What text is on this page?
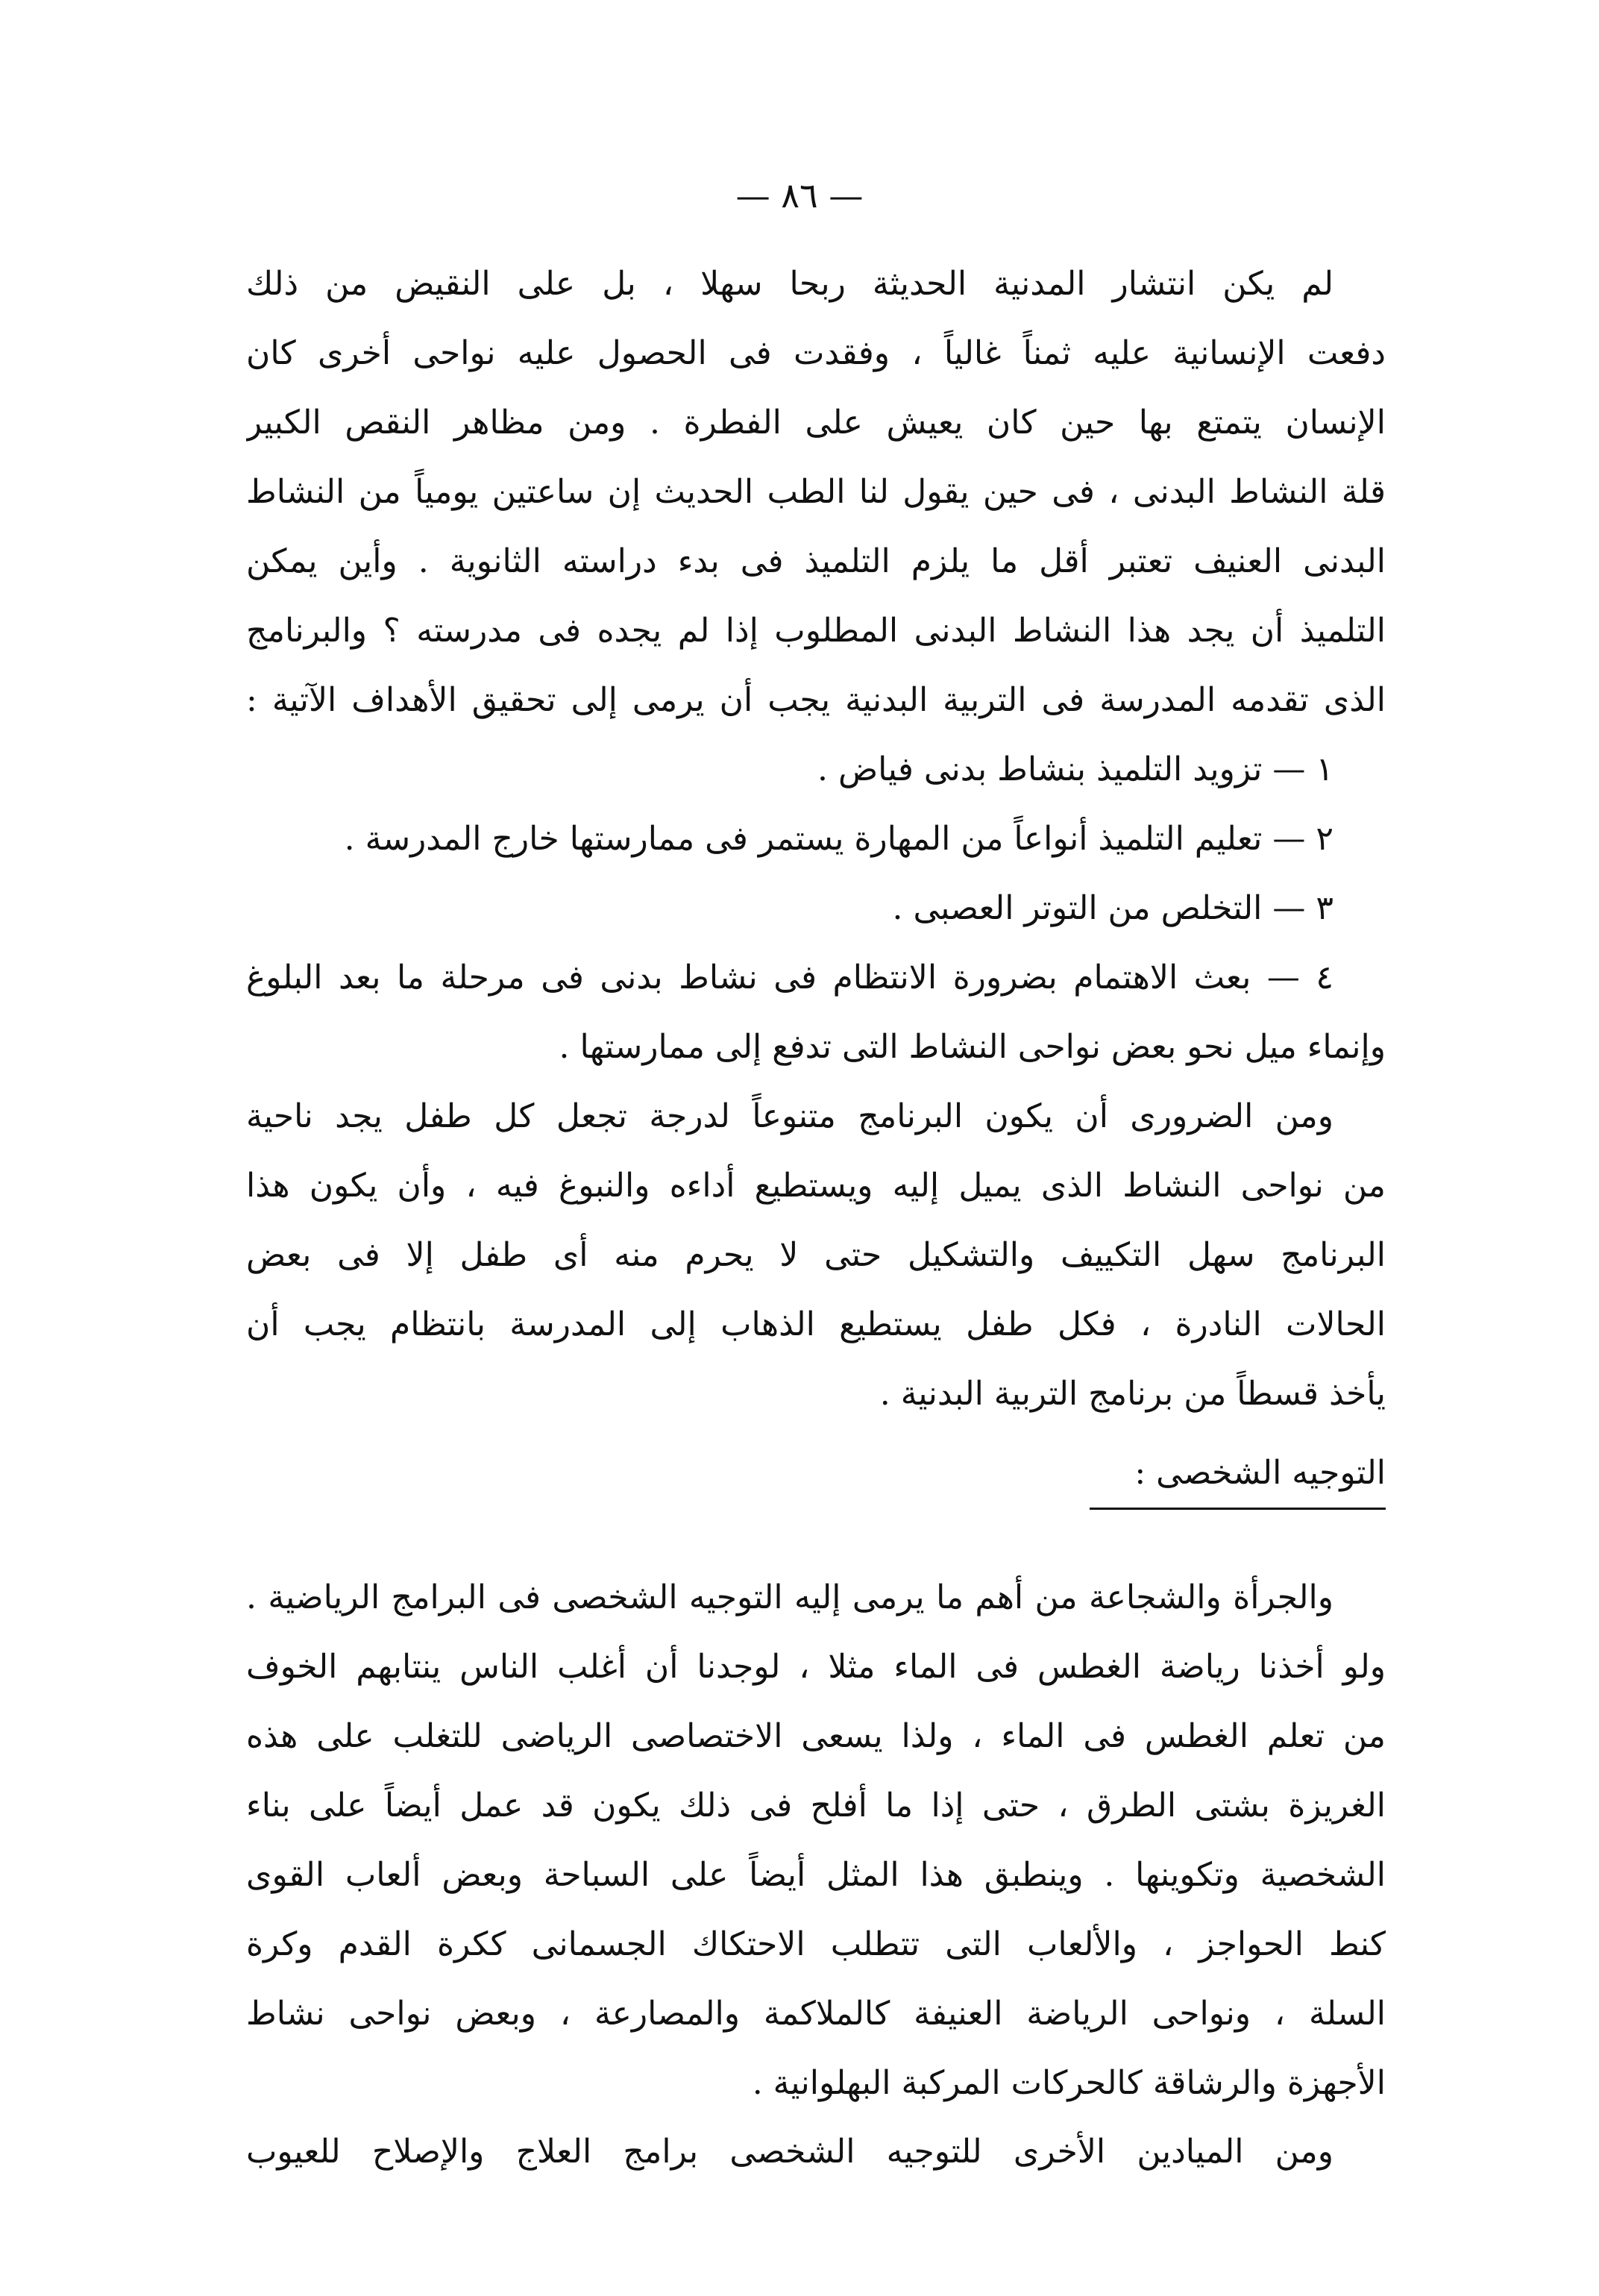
— ٨٦ —
لم يكن انتشار المدنية الحديثة ربحا سهلا ، بل على النقيض من ذلك
دفعت الإنسانية عليه ثمناً غالياً ، وفقدت فى الحصول عليه نواحى أخرى كان
الإنسان يتمتع بها حين كان يعيش على الفطرة . ومن مظاهر النقص الكبير
قلة النشاط البدنى ، فى حين يقول لنا الطب الحديث إن ساعتين يومياً من النشاط
البدنى العنيف تعتبر أقل ما يلزم التلميذ فى بدء دراسته الثانوية . وأين يمكن
التلميذ أن يجد هذا النشاط البدنى المطلوب إذا لم يجده فى مدرسته ؟ والبرنامج
الذى تقدمه المدرسة فى التربية البدنية يجب أن يرمى إلى تحقيق الأهداف الآتية :
١ — تزويد التلميذ بنشاط بدنى فياض .
٢ — تعليم التلميذ أنواعاً من المهارة يستمر فى ممارستها خارج المدرسة .
٣ — التخلص من التوتر العصبى .
٤ — بعث الاهتمام بضرورة الانتظام فى نشاط بدنى فى مرحلة ما بعد البلوغ
وإنماء ميل نحو بعض نواحى النشاط التى تدفع إلى ممارستها .
ومن الضرورى أن يكون البرنامج متنوعاً لدرجة تجعل كل طفل يجد ناحية
من نواحى النشاط الذى يميل إليه ويستطيع أداءه والنبوغ فيه ، وأن يكون هذا
البرنامج سهل التكييف والتشكيل حتى لا يحرم منه أى طفل إلا فى بعض
الحالات النادرة ، فكل طفل يستطيع الذهاب إلى المدرسة بانتظام يجب أن
يأخذ قسطاً من برنامج التربية البدنية .
التوجيه الشخصى :
والجرأة والشجاعة من أهم ما يرمى إليه التوجيه الشخصى فى البرامج الرياضية .
ولو أخذنا رياضة الغطس فى الماء مثلا ، لوجدنا أن أغلب الناس ينتابهم الخوف
من تعلم الغطس فى الماء ، ولذا يسعى الاختصاصى الرياضى للتغلب على هذه
الغريزة بشتى الطرق ، حتى إذا ما أفلح فى ذلك يكون قد عمل أيضاً على بناء
الشخصية وتكوينها . وينطبق هذا المثل أيضاً على السباحة وبعض ألعاب القوى
كنط الحواجز ، والألعاب التى تتطلب الاحتكاك الجسمانى ككرة القدم وكرة
السلة ، ونواحى الرياضة العنيفة كالملاكمة والمصارعة ، وبعض نواحى نشاط
الأجهزة والرشاقة كالحركات المركبة البهلوانية .
ومن الميادين الأخرى للتوجيه الشخصى برامج العلاج والإصلاح للعيوب
